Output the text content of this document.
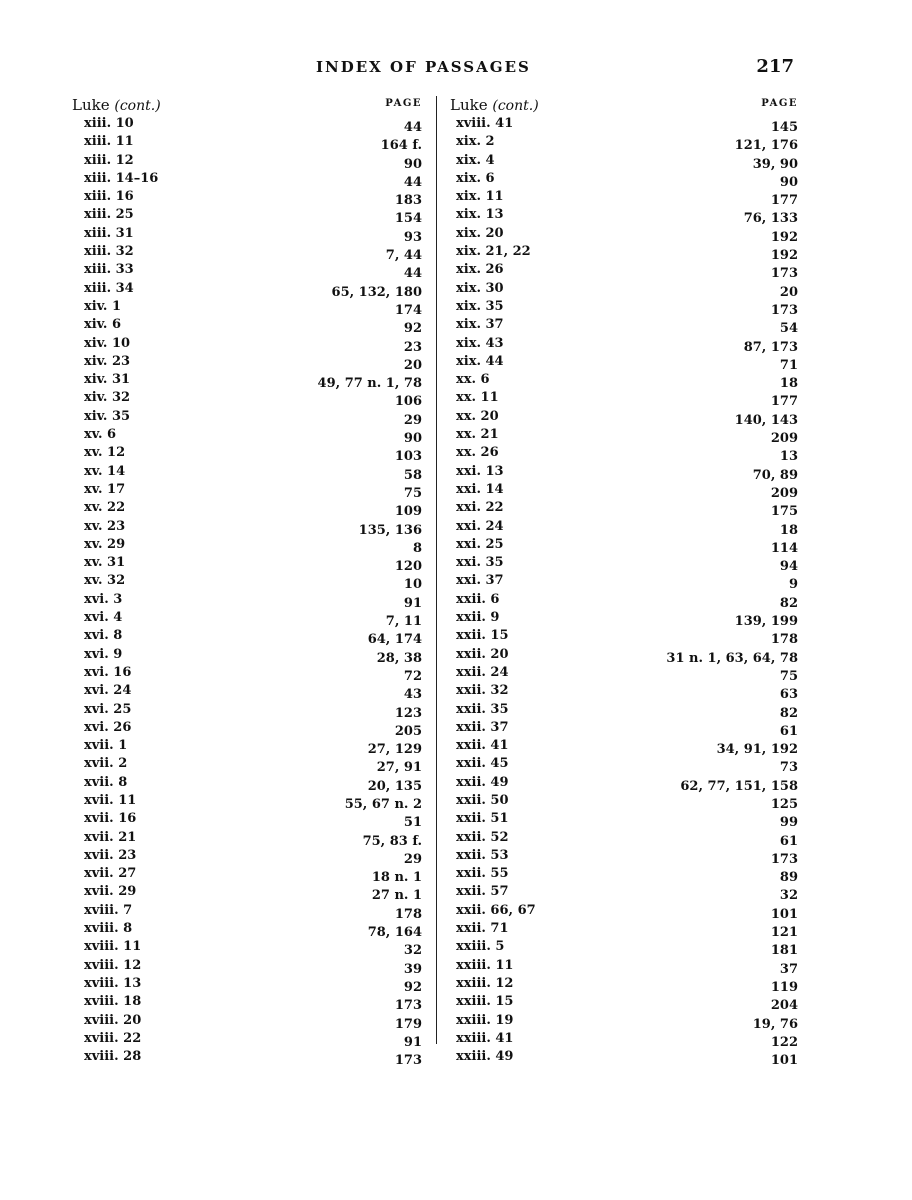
INDEX OF PASSAGES	217
Luke (cont.)	PAGE
xiii. 10	44
xiii. 11	164 f.
xiii. 12	90
xiii. 14–16	44
xiii. 16	183
xiii. 25	154
xiii. 31	93
xiii. 32	7, 44
xiii. 33	44
xiii. 34	65, 132, 180
xiv. 1	174
xiv. 6	92
xiv. 10	23
xiv. 23	20
xiv. 31	49, 77 n. 1, 78
xiv. 32	106
xiv. 35	29
xv. 6	90
xv. 12	103
xv. 14	58
xv. 17	75
xv. 22	109
xv. 23	135, 136
xv. 29	8
xv. 31	120
xv. 32	10
xvi. 3	91
xvi. 4	7, 11
xvi. 8	64, 174
xvi. 9	28, 38
xvi. 16	72
xvi. 24	43
xvi. 25	123
xvi. 26	205
xvii. 1	27, 129
xvii. 2	27, 91
xvii. 8	20, 135
xvii. 11	55, 67 n. 2
xvii. 16	51
xvii. 21	75, 83 f.
xvii. 23	29
xvii. 27	18 n. 1
xvii. 29	27 n. 1
xviii. 7	178
xviii. 8	78, 164
xviii. 11	32
xviii. 12	39
xviii. 13	92
xviii. 18	173
xviii. 20	179
xviii. 22	91
xviii. 28	173
Luke (cont.)	PAGE
xviii. 41	145
xix. 2	121, 176
xix. 4	39, 90
xix. 6	90
xix. 11	177
xix. 13	76, 133
xix. 20	192
xix. 21, 22	192
xix. 26	173
xix. 30	20
xix. 35	173
xix. 37	54
xix. 43	87, 173
xix. 44	71
xx. 6	18
xx. 11	177
xx. 20	140, 143
xx. 21	209
xx. 26	13
xxi. 13	70, 89
xxi. 14	209
xxi. 22	175
xxi. 24	18
xxi. 25	114
xxi. 35	94
xxi. 37	9
xxii. 6	82
xxii. 9	139, 199
xxii. 15	178
xxii. 20	31 n. 1, 63, 64, 78
xxii. 24	75
xxii. 32	63
xxii. 35	82
xxii. 37	61
xxii. 41	34, 91, 192
xxii. 45	73
xxii. 49	62, 77, 151, 158
xxii. 50	125
xxii. 51	99
xxii. 52	61
xxii. 53	173
xxii. 55	89
xxii. 57	32
xxii. 66, 67	101
xxii. 71	121
xxiii. 5	181
xxiii. 11	37
xxiii. 12	119
xxiii. 15	204
xxiii. 19	19, 76
xxiii. 41	122
xxiii. 49	101
